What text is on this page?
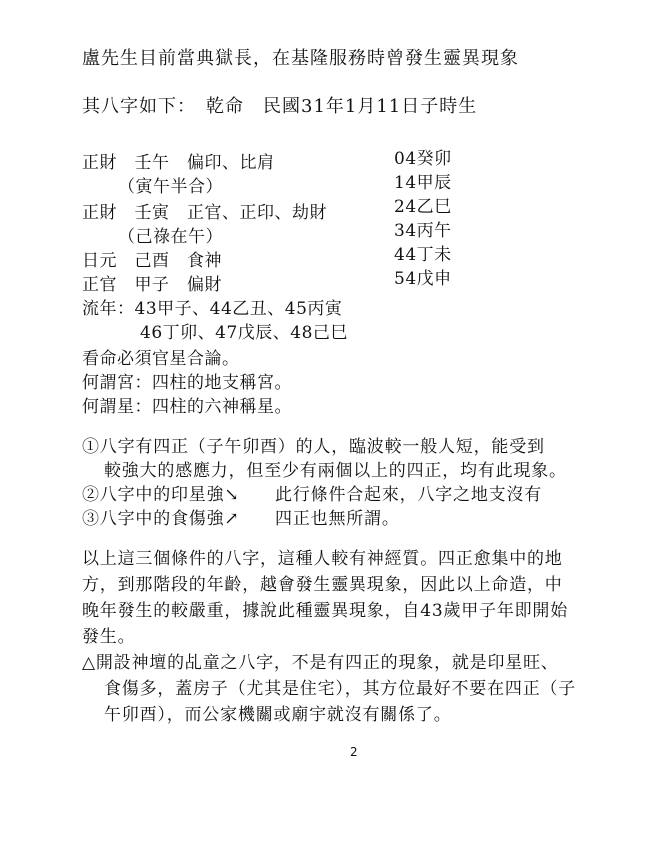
盧先生目前當典獄長，在基隆服務時曾發生靈異現象
其八字如下：　乾命　民國31年1月11日子時生
正財　壬午　偏印、比肩
（寅午半合）
正財　壬寅　正官、正印、劫財
（己祿在午）
日元　己酉　食神
正官　甲子　偏財
流年：43甲子、44乙丑、45丙寅
46丁卯、47戊辰、48己巳
04癸卯
14甲辰
24乙巳
34丙午
44丁未
54戊申
看命必須官星合論。
何謂宮：四柱的地支稱宮。
何謂星：四柱的六神稱星。
①八字有四正（子午卯酉）的人，臨波較一般人短，能受到
較強大的感應力，但至少有兩個以上的四正，均有此現象。
②八字中的印星強↘　　此行條件合起來，八字之地支沒有
③八字中的食傷強↗　　四正也無所謂。
以上這三個條件的八字，這種人較有神經質。四正愈集中的地
方，到那階段的年齡，越會發生靈異現象，因此以上命造，中
晚年發生的較嚴重，據說此種靈異現象，自43歲甲子年即開始
發生。
△開設神壇的乩童之八字，不是有四正的現象，就是印星旺、
食傷多，蓋房子（尤其是住宅），其方位最好不要在四正（子
午卯酉），而公家機關或廟宇就沒有關係了。
2
